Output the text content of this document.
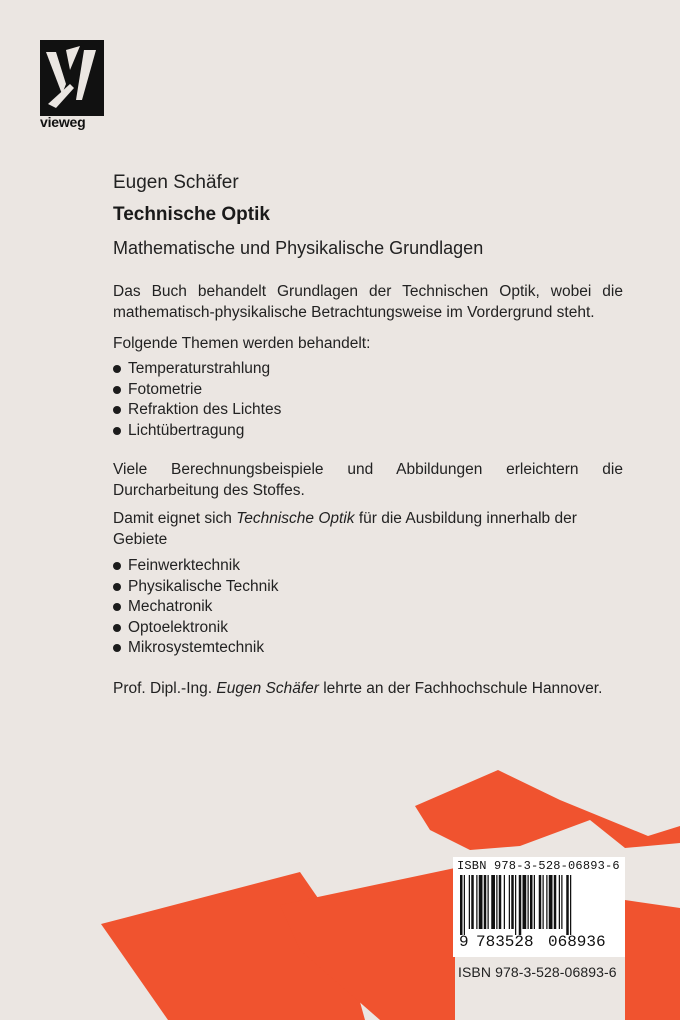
vieweg
Eugen Schäfer
Technische Optik
Mathematische und Physikalische Grundlagen
Das Buch behandelt Grundlagen der Technischen Optik, wobei die mathematisch-physikalische Betrachtungsweise im Vordergrund steht.
Folgende Themen werden behandelt:
Temperaturstrahlung
Fotometrie
Refraktion des Lichtes
Lichtübertragung
Viele Berechnungsbeispiele und Abbildungen erleichtern die Durcharbeitung des Stoffes.
Damit eignet sich Technische Optik für die Ausbildung innerhalb der Gebiete
Feinwerktechnik
Physikalische Technik
Mechatronik
Optoelektronik
Mikrosystemtechnik
Prof. Dipl.-Ing. Eugen Schäfer lehrte an der Fachhochschule Hannover.
ISBN 978-3-528-06893-6
9 783528 068936
ISBN 978-3-528-06893-6
